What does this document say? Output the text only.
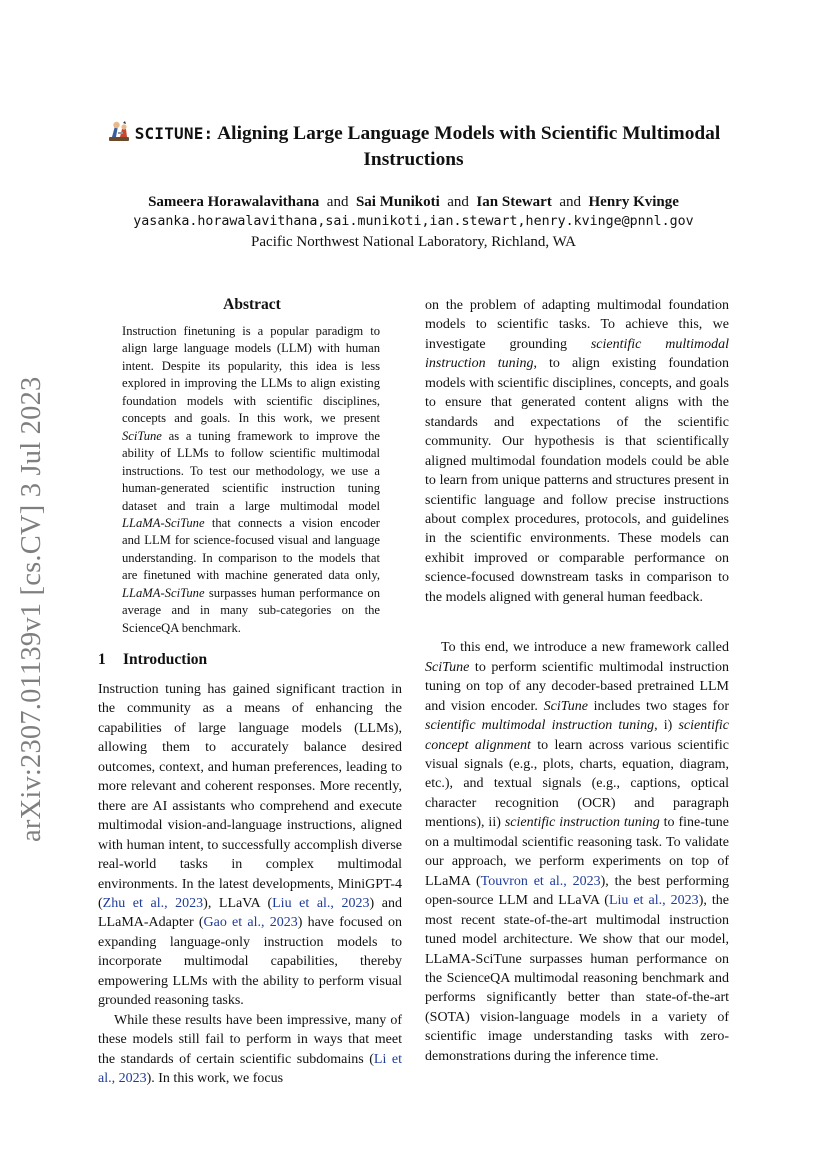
arXiv:2307.01139v1 [cs.CV] 3 Jul 2023
SCITUNE: Aligning Large Language Models with Scientific Multimodal
Instructions
Sameera Horawalavithana and Sai Munikoti and Ian Stewart and Henry Kvinge
yasanka.horawalavithana,sai.munikoti,ian.stewart,henry.kvinge@pnnl.gov
Pacific Northwest National Laboratory, Richland, WA
Abstract
Instruction finetuning is a popular paradigm to align large language models (LLM) with human intent. Despite its popularity, this idea is less explored in improving the LLMs to align existing foundation models with scientific disciplines, concepts and goals. In this work, we present SciTune as a tuning framework to improve the ability of LLMs to follow scientific multimodal instructions. To test our methodology, we use a human-generated scientific instruction tuning dataset and train a large multimodal model LLaMA-SciTune that connects a vision encoder and LLM for science-focused visual and language understanding. In comparison to the models that are finetuned with machine generated data only, LLaMA-SciTune surpasses human performance on average and in many sub-categories on the ScienceQA benchmark.
1 Introduction

Instruction tuning has gained significant traction in the community as a means of enhancing the capabilities of large language models (LLMs), allowing them to accurately balance desired outcomes, context, and human preferences, leading to more relevant and coherent responses. More recently, there are AI assistants who comprehend and execute multimodal vision-and-language instructions, aligned with human intent, to successfully accomplish diverse real-world tasks in complex multimodal environments. In the latest developments, MiniGPT-4 (Zhu et al., 2023), LLaVA (Liu et al., 2023) and LLaMA-Adapter (Gao et al., 2023) have focused on expanding language-only instruction models to incorporate multimodal capabilities, thereby empowering LLMs with the ability to perform visual grounded reasoning tasks.

While these results have been impressive, many of these models still fail to perform in ways that meet the standards of certain scientific subdomains (Li et al., 2023). In this work, we focus

on the problem of adapting multimodal foundation models to scientific tasks. To achieve this, we investigate grounding scientific multimodal instruction tuning, to align existing foundation models with scientific disciplines, concepts, and goals to ensure that generated content aligns with the standards and expectations of the scientific community. Our hypothesis is that scientifically aligned multimodal foundation models could be able to learn from unique patterns and structures present in scientific language and follow precise instructions about complex procedures, protocols, and guidelines in the scientific environments. These models can exhibit improved or comparable performance on science-focused downstream tasks in comparison to the models aligned with general human feedback.

To this end, we introduce a new framework called SciTune to perform scientific multimodal instruction tuning on top of any decoder-based pretrained LLM and vision encoder. SciTune includes two stages for scientific multimodal instruction tuning, i) scientific concept alignment to learn across various scientific visual signals (e.g., plots, charts, equation, diagram, etc.), and textual signals (e.g., captions, optical character recognition (OCR) and paragraph mentions), ii) scientific instruction tuning to fine-tune on a multimodal scientific reasoning task. To validate our approach, we perform experiments on top of LLaMA (Touvron et al., 2023), the best performing open-source LLM and LLaVA (Liu et al., 2023), the most recent state-of-the-art multimodal instruction tuned model architecture. We show that our model, LLaMA-SciTune surpasses human performance on the ScienceQA multimodal reasoning benchmark and performs significantly better than state-of-the-art (SOTA) vision-language models in a variety of scientific image understanding tasks with zero-demonstrations during the inference time.
